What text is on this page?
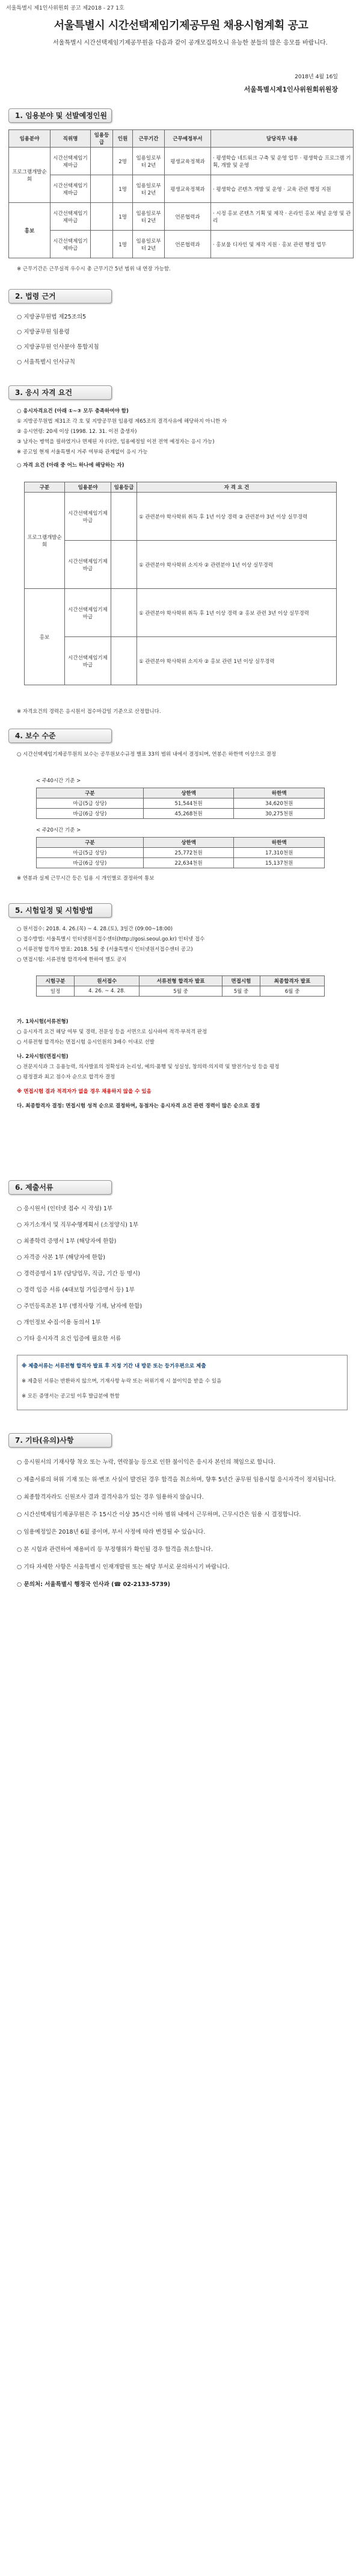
서울특별시 제1인사위원회 공고 제2018 - 27 1호
서울특별시 시간선택제임기제공무원 채용시험계획 공고
서울특별시 시간선택제임기제공무원을 다음과 같이 공개모집하오니 유능한 분들의 많은 응모를 바랍니다.
2018년 4월 16일
서울특별시제1인사위원회위원장
1. 임용분야 및 선발예정인원
임용분야	직위명	임용등급	인원	근무기간	근무예정부서	담당직무 내용
프로그램개발순회	시간선택제임기제마급		2명	임용일로부터 2년	평생교육정책과	· 평생학습 네트워크 구축 및 운영 업무 · 평생학습 프로그램 기획, 개발 및 운영
	시간선택제임기제바급		1명	임용일로부터 2년	평생교육정책과	· 평생학습 콘텐츠 개발 및 운영 · 교육 관련 행정 지원
홍보	시간선택제임기제마급		1명	임용일로부터 2년	언론협력과	· 시정 홍보 콘텐츠 기획 및 제작 · 온라인 홍보 채널 운영 및 관리
	시간선택제임기제바급		1명	임용일로부터 2년	언론협력과	· 홍보물 디자인 및 제작 지원 · 홍보 관련 행정 업무
※ 근무기간은 근무실적 우수시 총 근무기간 5년 범위 내 연장 가능함.
2. 법령 근거

○ 지방공무원법 제25조의5

○ 지방공무원 임용령

○ 지방공무원 인사분야 통합지침

○ 서울특별시 인사규칙

3. 응시 자격 요건

○ 응시자격요건 (아래 ①∼③ 모두 충족하여야 함)

① 지방공무원법 제31조 각 호 및 지방공무원 임용령 제65조의 결격사유에 해당하지 아니한 자

② 응시연령: 20세 이상 (1998. 12. 31. 이전 출생자)

③ 남자는 병역을 필하였거나 면제된 자 (다만, 임용예정일 이전 전역 예정자는 응시 가능)

※ 공고일 현재 서울특별시 거주 여부와 관계없이 응시 가능

○ 자격 요건 (아래 중 어느 하나에 해당하는 자)

구분	임용분야	임용등급	자 격 요 건
프로그램개발순회	시간선택제임기제마급		① 관련분야 학사학위 취득 후 1년 이상 경력 ② 관련분야 3년 이상 실무경력
	시간선택제임기제바급		① 관련분야 학사학위 소지자 ② 관련분야 1년 이상 실무경력
홍보	시간선택제임기제마급		① 관련분야 학사학위 취득 후 1년 이상 경력 ② 홍보 관련 3년 이상 실무경력
	시간선택제임기제바급		① 관련분야 학사학위 소지자 ② 홍보 관련 1년 이상 실무경력
※ 자격요건의 경력은 응시원서 접수마감일 기준으로 산정합니다.
4. 보수 수준
○ 시간선택제임기제공무원의 보수는 공무원보수규정 별표 33의 범위 내에서 결정되며, 연봉은 하한액 이상으로 결정
< 주40시간 기준 >
구분	상한액	하한액
마급(5급 상당)	51,544천원	34,620천원
바급(6급 상당)	45,268천원	30,275천원
< 주20시간 기준 >
구분	상한액	하한액
마급(5급 상당)	25,772천원	17,310천원
바급(6급 상당)	22,634천원	15,137천원
※ 연봉과 실제 근무시간 등은 임용 시 개인별로 결정하여 통보
5. 시험일정 및 시험방법

○ 원서접수: 2018. 4. 26.(목) ~ 4. 28.(토), 3일간 (09:00~18:00)

○ 접수방법: 서울특별시 인터넷원서접수센터(http://gosi.seoul.go.kr) 인터넷 접수

○ 서류전형 합격자 발표: 2018. 5월 중 (서울특별시 인터넷원서접수센터 공고)

○ 면접시험: 서류전형 합격자에 한하여 별도 공지

시험구분	원서접수	서류전형 합격자 발표	면접시험	최종합격자 발표
일정	4. 26. ~ 4. 28.	5월 중	5월 중	6월 중

가. 1차시험(서류전형)

○ 응시자격 요건 해당 여부 및 경력, 전문성 등을 서면으로 심사하여 적격·부적격 판정

○ 서류전형 합격자는 면접시험 응시인원의 3배수 이내로 선발

나. 2차시험(면접시험)

○ 전문지식과 그 응용능력, 의사발표의 정확성과 논리성, 예의·품행 및 성실성, 창의력·의지력 및 발전가능성 등을 평정

○ 평정결과 최고 점수자 순으로 합격자 결정

※ 면접시험 결과 적격자가 없을 경우 채용하지 않을 수 있음

다. 최종합격자 결정: 면접시험 성적 순으로 결정하며, 동점자는 응시자격 요건 관련 경력이 많은 순으로 결정

6. 제출서류

○ 응시원서 (인터넷 접수 시 작성) 1부

○ 자기소개서 및 직무수행계획서 (소정양식) 1부

○ 최종학력 증명서 1부 (해당자에 한함)

○ 자격증 사본 1부 (해당자에 한함)

○ 경력증명서 1부 (담당업무, 직급, 기간 등 명시)

○ 경력 입증 서류 (4대보험 가입증명서 등) 1부

○ 주민등록초본 1부 (병적사항 기재, 남자에 한함)

○ 개인정보 수집·이용 동의서 1부

○ 기타 응시자격 요건 입증에 필요한 서류

※ 제출서류는 서류전형 합격자 발표 후 지정 기간 내 방문 또는 등기우편으로 제출

※ 제출된 서류는 반환하지 않으며, 기재사항 누락 또는 허위기재 시 불이익을 받을 수 있음

※ 모든 증명서는 공고일 이후 발급분에 한함

7. 기타(유의)사항

○ 응시원서의 기재사항 착오 또는 누락, 연락불능 등으로 인한 불이익은 응시자 본인의 책임으로 합니다.

○ 제출서류의 허위 기재 또는 위·변조 사실이 발견된 경우 합격을 취소하며, 향후 5년간 공무원 임용시험 응시자격이 정지됩니다.

○ 최종합격자라도 신원조사 결과 결격사유가 있는 경우 임용하지 않습니다.

○ 시간선택제임기제공무원은 주 15시간 이상 35시간 이하 범위 내에서 근무하며, 근무시간은 임용 시 결정합니다.

○ 임용예정일은 2018년 6월 중이며, 부서 사정에 따라 변경될 수 있습니다.

○ 본 시험과 관련하여 채용비리 등 부정행위가 확인될 경우 합격을 취소합니다.

○ 기타 자세한 사항은 서울특별시 인재개발원 또는 해당 부서로 문의하시기 바랍니다.

○ 문의처: 서울특별시 행정국 인사과 (☎ 02-2133-5739)
